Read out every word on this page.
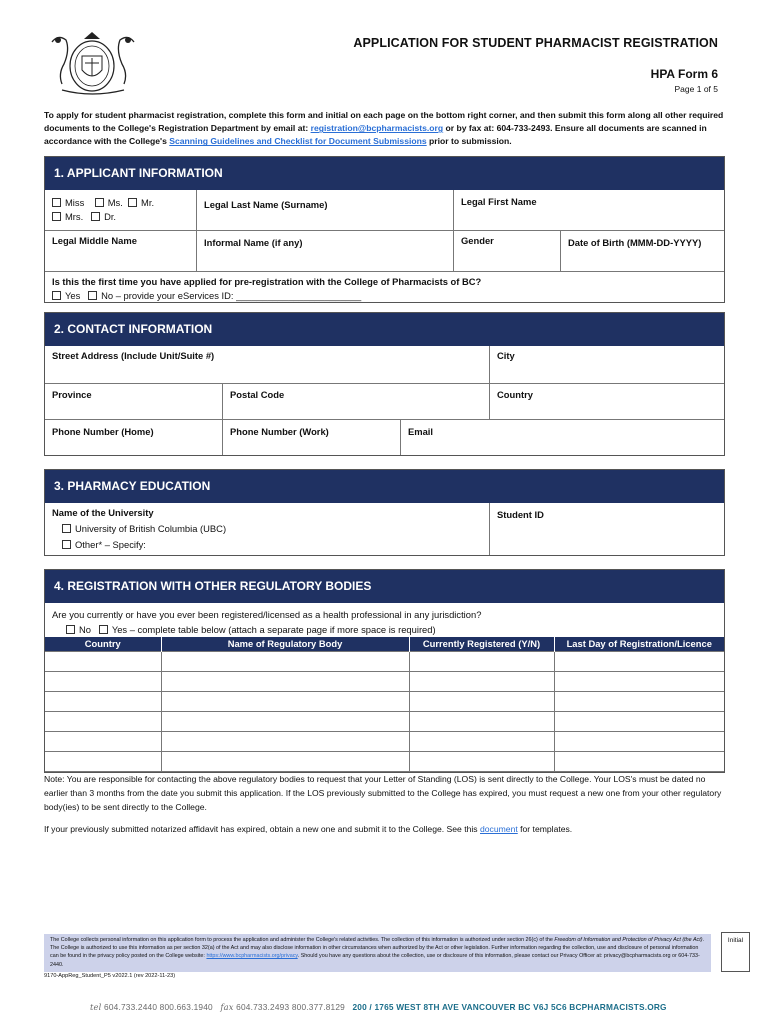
APPLICATION FOR STUDENT PHARMACIST REGISTRATION
HPA Form 6
Page 1 of 5
To apply for student pharmacist registration, complete this form and initial on each page on the bottom right corner, and then submit this form along all other required documents to the College's Registration Department by email at: registration@bcpharmacists.org or by fax at: 604-733-2493. Ensure all documents are scanned in accordance with the College's Scanning Guidelines and Checklist for Document Submissions prior to submission.
1. APPLICANT INFORMATION
Miss Ms. Mr.
Mrs. Dr.
Legal Last Name (Surname)	Legal First Name
Legal Middle Name	Informal Name (if any)	Gender	Date of Birth (MMM-DD-YYYY)
Is this the first time you have applied for pre-registration with the College of Pharmacists of BC?
Yes No – provide your eServices ID: ________________________
2. CONTACT INFORMATION
Street Address (Include Unit/Suite #)	City
Province	Postal Code	Country
Phone Number (Home)	Phone Number (Work)	Email
3. PHARMACY EDUCATION
Name of the University
University of British Columbia (UBC)
Other* – Specify:
Student ID
4. REGISTRATION WITH OTHER REGULATORY BODIES
Are you currently or have you ever been registered/licensed as a health professional in any jurisdiction?
No Yes – complete table below (attach a separate page if more space is required)
Country	Name of Regulatory Body	Currently Registered (Y/N)	Last Day of Registration/Licence

Note: You are responsible for contacting the above regulatory bodies to request that your Letter of Standing (LOS) is sent directly to the College. Your LOS's must be dated no earlier than 3 months from the date you submit this application. If the LOS previously submitted to the College has expired, you must request a new one from your other regulatory body(ies) to be sent directly to the College.
If your previously submitted notarized affidavit has expired, obtain a new one and submit it to the College. See this document for templates.
The College collects personal information on this application form to process the application and administer the College's related activities. The collection of this information is authorized under section 26(c) of the Freedom of Information and Protection of Privacy Act (the Act). The College is authorized to use this information as per section 32(a) of the Act and may also disclose information in other circumstances when authorized by the Act or other legislation. Further information regarding the collection, use and disclosure of personal information can be found in the privacy policy posted on the College website: https://www.bcpharmacists.org/privacy. Should you have any questions about the collection, use or disclosure of this information, please contact our Privacy Officer at: privacy@bcpharmacists.org or 604-733-2440.
Initial
9170-AppReg_Student_P5 v2022.1 (rev 2022-11-23)
tel 604.733.2440 800.663.1940 fax 604.733.2493 800.377.8129 200 / 1765 WEST 8TH AVE VANCOUVER BC V6J 5C6 BCPHARMACISTS.ORG
